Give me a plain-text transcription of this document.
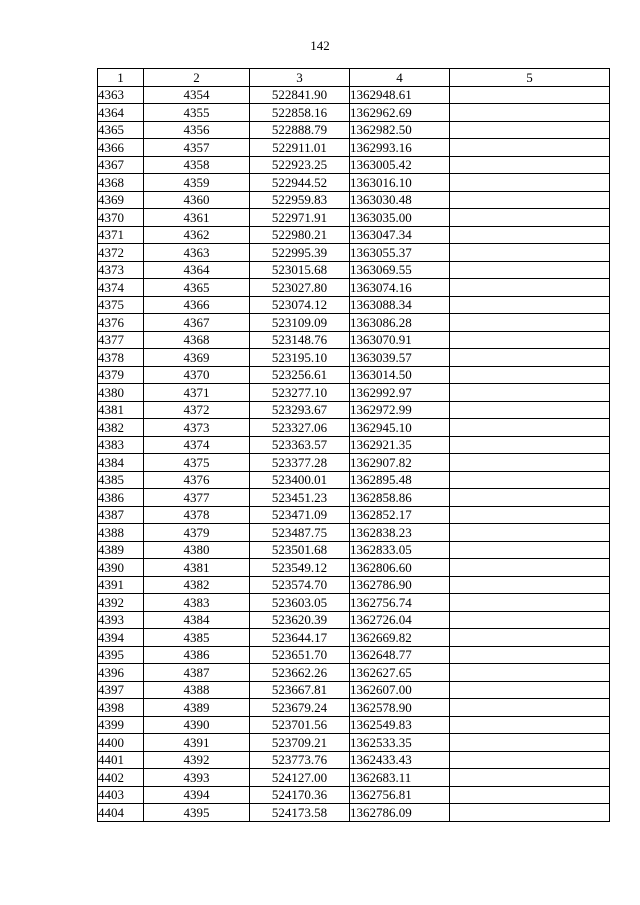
142
1	2	3	4	5
4363	4354	522841.90	1362948.61	
4364	4355	522858.16	1362962.69	
4365	4356	522888.79	1362982.50	
4366	4357	522911.01	1362993.16	
4367	4358	522923.25	1363005.42	
4368	4359	522944.52	1363016.10	
4369	4360	522959.83	1363030.48	
4370	4361	522971.91	1363035.00	
4371	4362	522980.21	1363047.34	
4372	4363	522995.39	1363055.37	
4373	4364	523015.68	1363069.55	
4374	4365	523027.80	1363074.16	
4375	4366	523074.12	1363088.34	
4376	4367	523109.09	1363086.28	
4377	4368	523148.76	1363070.91	
4378	4369	523195.10	1363039.57	
4379	4370	523256.61	1363014.50	
4380	4371	523277.10	1362992.97	
4381	4372	523293.67	1362972.99	
4382	4373	523327.06	1362945.10	
4383	4374	523363.57	1362921.35	
4384	4375	523377.28	1362907.82	
4385	4376	523400.01	1362895.48	
4386	4377	523451.23	1362858.86	
4387	4378	523471.09	1362852.17	
4388	4379	523487.75	1362838.23	
4389	4380	523501.68	1362833.05	
4390	4381	523549.12	1362806.60	
4391	4382	523574.70	1362786.90	
4392	4383	523603.05	1362756.74	
4393	4384	523620.39	1362726.04	
4394	4385	523644.17	1362669.82	
4395	4386	523651.70	1362648.77	
4396	4387	523662.26	1362627.65	
4397	4388	523667.81	1362607.00	
4398	4389	523679.24	1362578.90	
4399	4390	523701.56	1362549.83	
4400	4391	523709.21	1362533.35	
4401	4392	523773.76	1362433.43	
4402	4393	524127.00	1362683.11	
4403	4394	524170.36	1362756.81	
4404	4395	524173.58	1362786.09	
